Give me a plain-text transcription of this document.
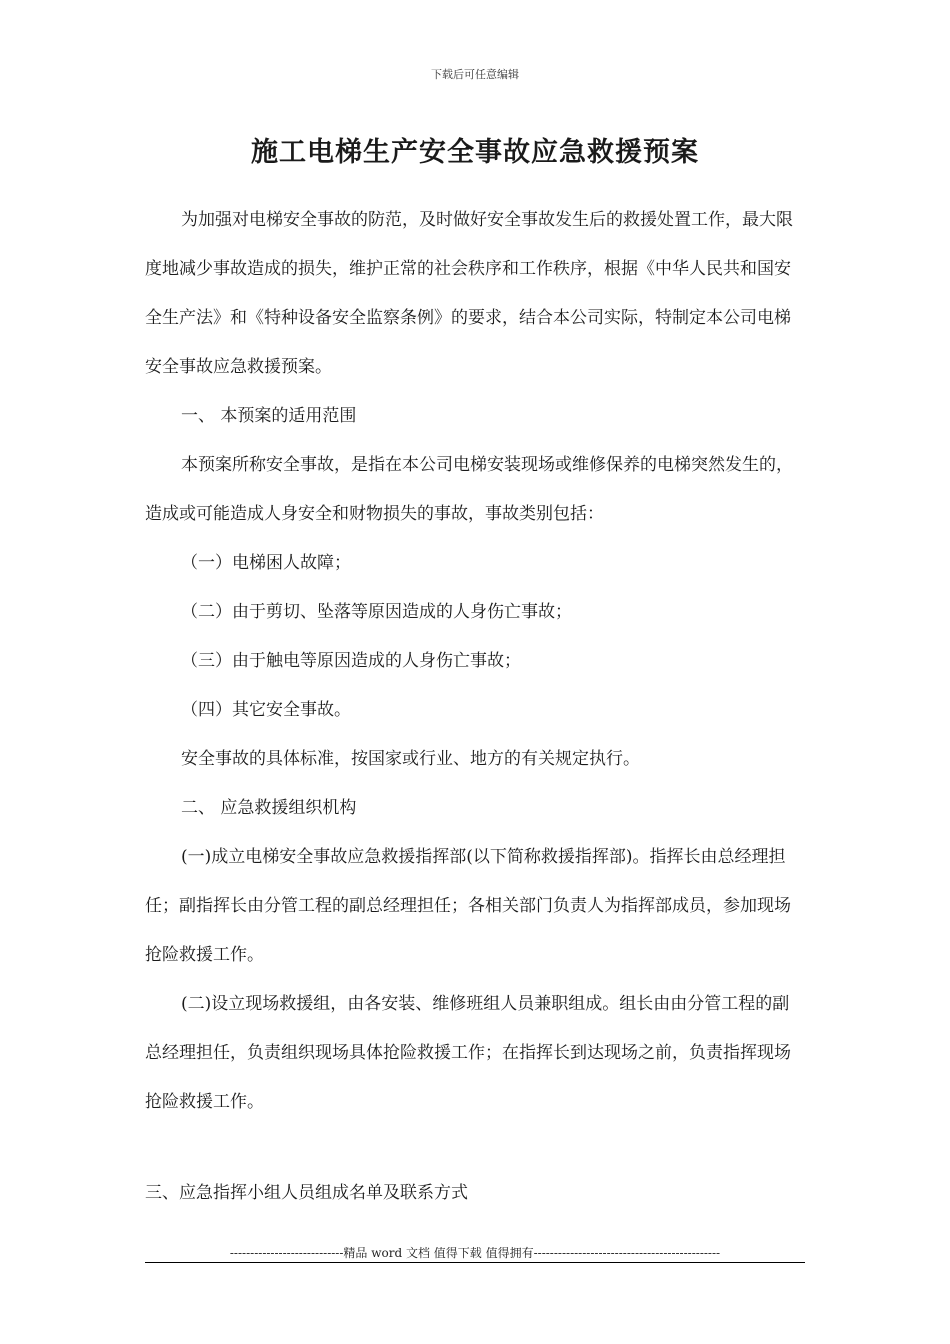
下载后可任意编辑
施工电梯生产安全事故应急救援预案

为加强对电梯安全事故的防范，及时做好安全事故发生后的救援处置工作，最大限度地减少事故造成的损失，维护正常的社会秩序和工作秩序，根据《中华人民共和国安全生产法》和《特种设备安全监察条例》的要求，结合本公司实际，特制定本公司电梯安全事故应急救援预案。

一、 本预案的适用范围

本预案所称安全事故，是指在本公司电梯安装现场或维修保养的电梯突然发生的，造成或可能造成人身安全和财物损失的事故，事故类别包括：

（一）电梯困人故障；

（二）由于剪切、坠落等原因造成的人身伤亡事故；

（三）由于触电等原因造成的人身伤亡事故；

（四）其它安全事故。

安全事故的具体标准，按国家或行业、地方的有关规定执行。

二、 应急救援组织机构

(一)成立电梯安全事故应急救援指挥部(以下简称救援指挥部)。指挥长由总经理担任；副指挥长由分管工程的副总经理担任；各相关部门负责人为指挥部成员，参加现场抢险救援工作。

(二)设立现场救援组，由各安装、维修班组人员兼职组成。组长由由分管工程的副总经理担任，负责组织现场具体抢险救援工作；在指挥长到达现场之前，负责指挥现场抢险救援工作。

三、应急指挥小组人员组成名单及联系方式

----------------------------精品 word 文档 值得下载 值得拥有----------------------------------------------
